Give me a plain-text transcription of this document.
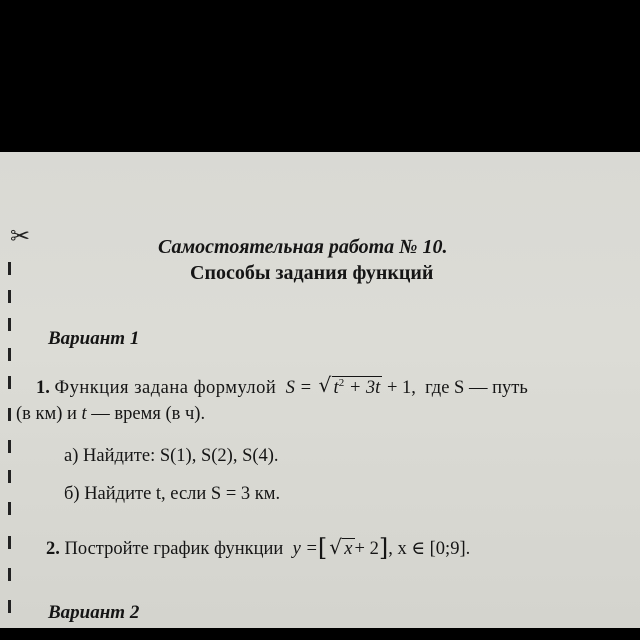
✂	Самостоятельная работа № 10.
Способы задания функций
Вариант 1
1. Функция задана формулой S = √ $t^2 + 3t + 1$, где S — путь
(в км) и t — время (в ч).
а) Найдите: S(1), S(2), S(4).
б) Найдите t, если S = 3 км.
2. Постройте график функции y =[ √ x + 2], x ∈ [0;9].
Вариант 2
